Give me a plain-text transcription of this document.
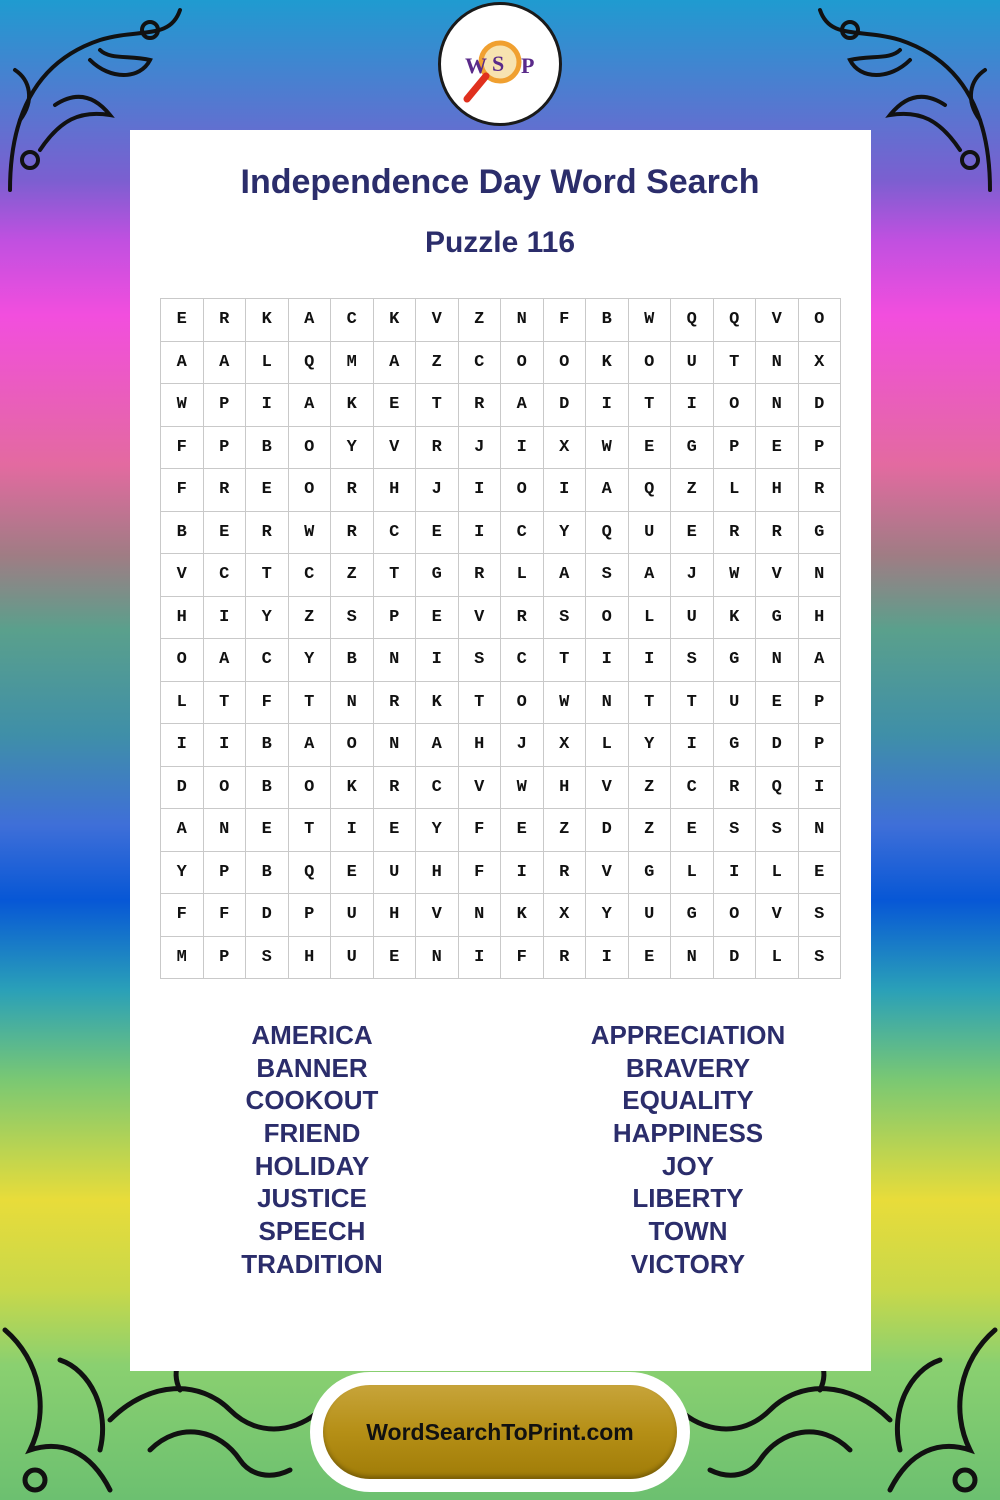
W S P
Independence Day Word Search
Puzzle 116
E	R	K	A	C	K	V	Z	N	F	B	W	Q	Q	V	O
A	A	L	Q	M	A	Z	C	O	O	K	O	U	T	N	X
W	P	I	A	K	E	T	R	A	D	I	T	I	O	N	D
F	P	B	O	Y	V	R	J	I	X	W	E	G	P	E	P
F	R	E	O	R	H	J	I	O	I	A	Q	Z	L	H	R
B	E	R	W	R	C	E	I	C	Y	Q	U	E	R	R	G
V	C	T	C	Z	T	G	R	L	A	S	A	J	W	V	N
H	I	Y	Z	S	P	E	V	R	S	O	L	U	K	G	H
O	A	C	Y	B	N	I	S	C	T	I	I	S	G	N	A
L	T	F	T	N	R	K	T	O	W	N	T	T	U	E	P
I	I	B	A	O	N	A	H	J	X	L	Y	I	G	D	P
D	O	B	O	K	R	C	V	W	H	V	Z	C	R	Q	I
A	N	E	T	I	E	Y	F	E	Z	D	Z	E	S	S	N
Y	P	B	Q	E	U	H	F	I	R	V	G	L	I	L	E
F	F	D	P	U	H	V	N	K	X	Y	U	G	O	V	S
M	P	S	H	U	E	N	I	F	R	I	E	N	D	L	S
AMERICA
BANNER
COOKOUT
FRIEND
HOLIDAY
JUSTICE
SPEECH
TRADITION
APPRECIATION
BRAVERY
EQUALITY
HAPPINESS
JOY
LIBERTY
TOWN
VICTORY
WordSearchToPrint.com
